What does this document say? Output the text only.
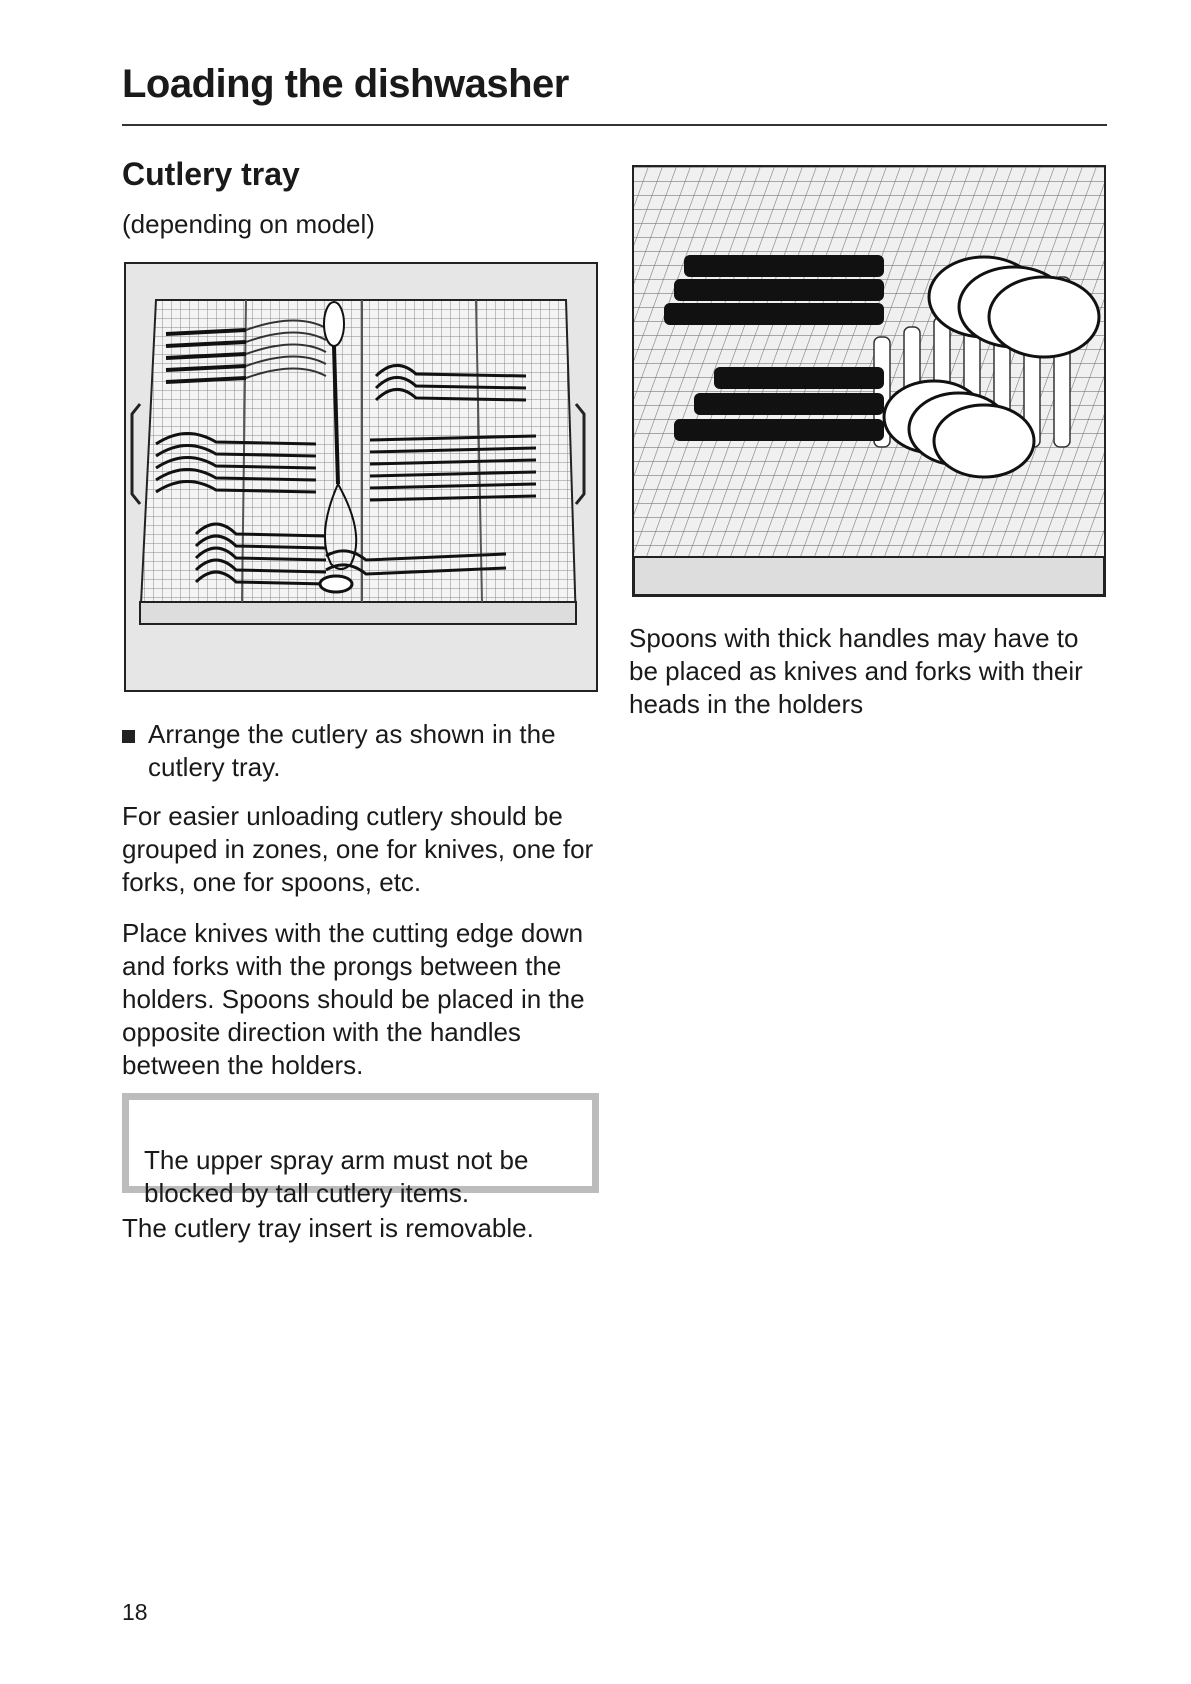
Loading the dishwasher
Cutlery tray

(depending on model)

Arrange the cutlery as shown in the cutlery tray.

For easier unloading cutlery should be grouped in zones, one for knives, one for forks, one for spoons, etc.

Place knives with the cutting edge down and forks with the prongs between the holders. Spoons should be placed in the opposite direction with the handles between the holders.

The upper spray arm must not be blocked by tall cutlery items.

The cutlery tray insert is removable.

Spoons with thick handles may have to be placed as knives and forks with their heads in the holders

18
